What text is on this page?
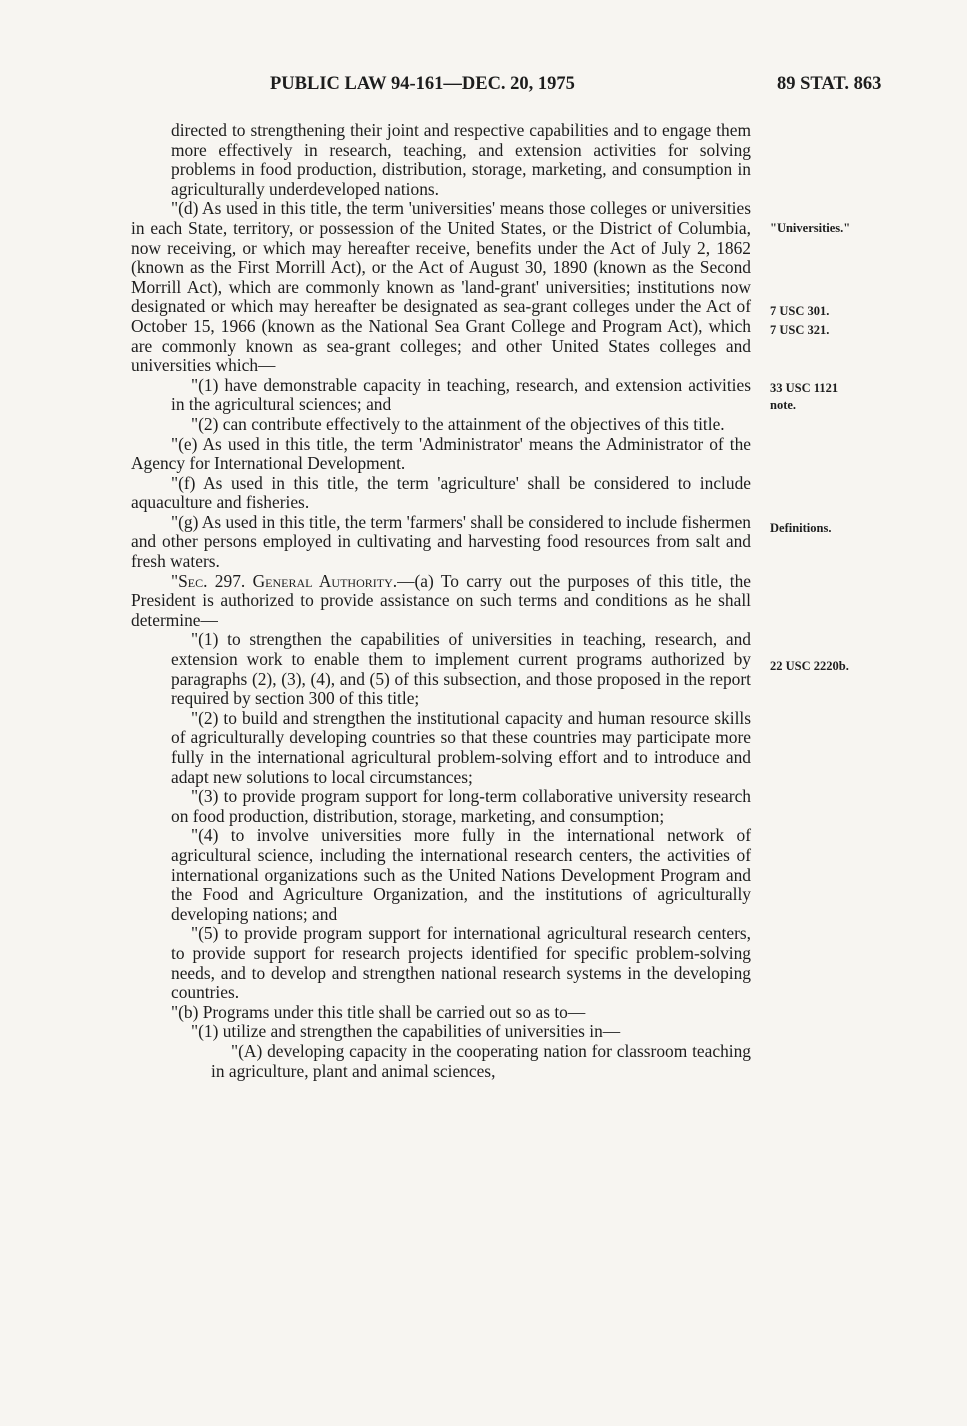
PUBLIC LAW 94-161—DEC. 20, 1975	89 STAT. 863

directed to strengthening their joint and respective capabilities and to engage them more effectively in research, teaching, and extension activities for solving problems in food production, distribution, storage, marketing, and consumption in agriculturally underdeveloped nations.

"(d) As used in this title, the term 'universities' means those colleges or universities in each State, territory, or possession of the United States, or the District of Columbia, now receiving, or which may hereafter receive, benefits under the Act of July 2, 1862 (known as the First Morrill Act), or the Act of August 30, 1890 (known as the Second Morrill Act), which are commonly known as 'land-grant' universities; institutions now designated or which may hereafter be designated as sea-grant colleges under the Act of October 15, 1966 (known as the National Sea Grant College and Program Act), which are commonly known as sea-grant colleges; and other United States colleges and universities which—

"(1) have demonstrable capacity in teaching, research, and extension activities in the agricultural sciences; and

"(2) can contribute effectively to the attainment of the objectives of this title.

"(e) As used in this title, the term 'Administrator' means the Administrator of the Agency for International Development.

"(f) As used in this title, the term 'agriculture' shall be considered to include aquaculture and fisheries.

"(g) As used in this title, the term 'farmers' shall be considered to include fishermen and other persons employed in cultivating and harvesting food resources from salt and fresh waters.

"Sec. 297. General Authority.—(a) To carry out the purposes of this title, the President is authorized to provide assistance on such terms and conditions as he shall determine—

"(1) to strengthen the capabilities of universities in teaching, research, and extension work to enable them to implement current programs authorized by paragraphs (2), (3), (4), and (5) of this subsection, and those proposed in the report required by section 300 of this title;

"(2) to build and strengthen the institutional capacity and human resource skills of agriculturally developing countries so that these countries may participate more fully in the international agricultural problem-solving effort and to introduce and adapt new solutions to local circumstances;

"(3) to provide program support for long-term collaborative university research on food production, distribution, storage, marketing, and consumption;

"(4) to involve universities more fully in the international network of agricultural science, including the international research centers, the activities of international organizations such as the United Nations Development Program and the Food and Agriculture Organization, and the institutions of agriculturally developing nations; and

"(5) to provide program support for international agricultural research centers, to provide support for research projects identified for specific problem-solving needs, and to develop and strengthen national research systems in the developing countries.

"(b) Programs under this title shall be carried out so as to—

"(1) utilize and strengthen the capabilities of universities in—

"(A) developing capacity in the cooperating nation for classroom teaching in agriculture, plant and animal sciences,

"Universities."
7 USC 301.
7 USC 321.
33 USC 1121
note.
Definitions.
22 USC 2220b.
